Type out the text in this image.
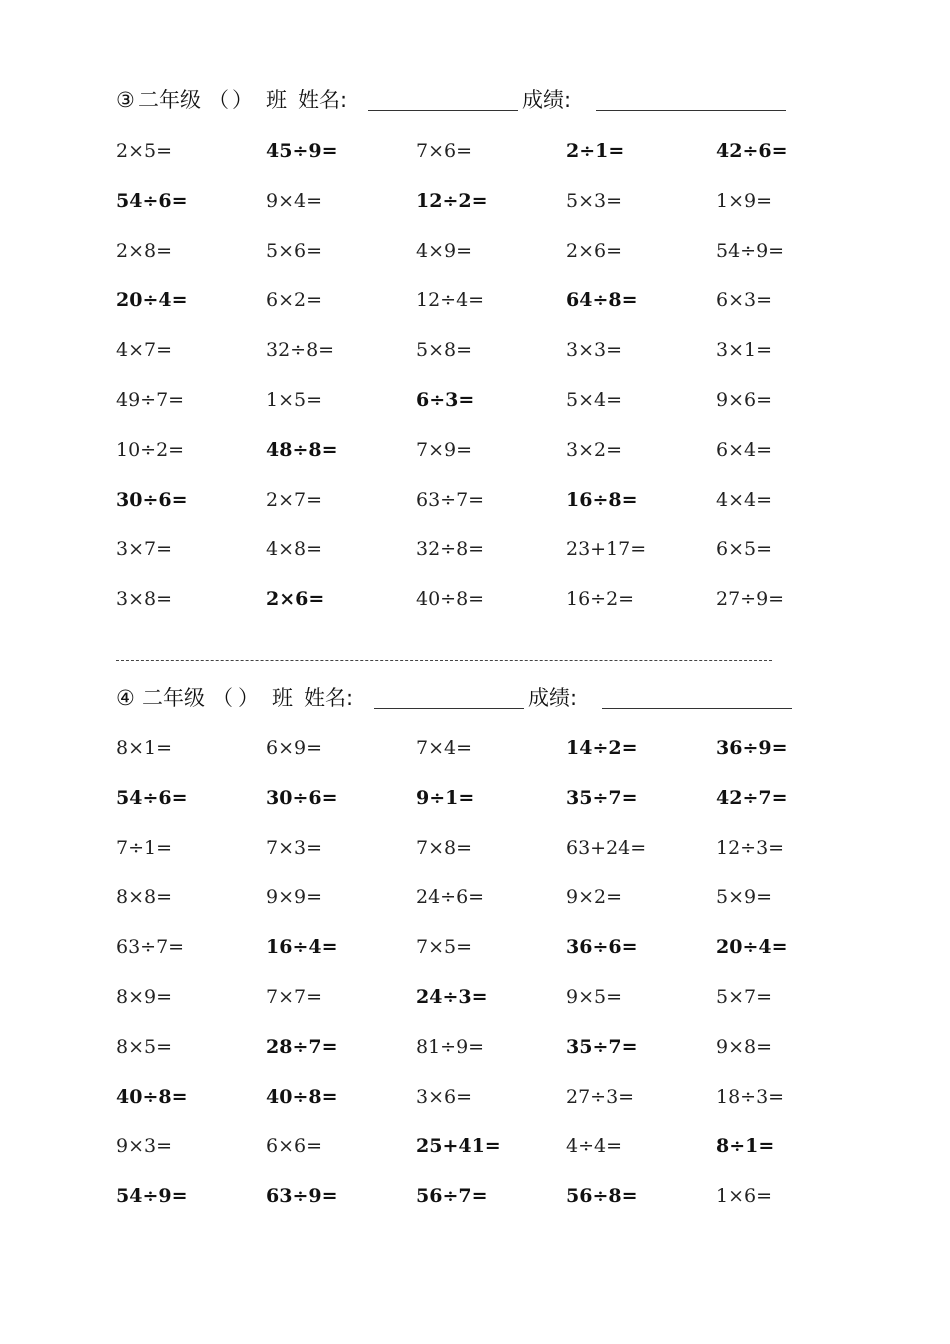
③ 二年级 （ ） 班 姓名:	成绩:
2×5=	45÷9=	7×6=	2÷1=	42÷6=
54÷6=	9×4=	12÷2=	5×3=	1×9=
2×8=	5×6=	4×9=	2×6=	54÷9=
20÷4=	6×2=	12÷4=	64÷8=	6×3=
4×7=	32÷8=	5×8=	3×3=	3×1=
49÷7=	1×5=	6÷3=	5×4=	9×6=
10÷2=	48÷8=	7×9=	3×2=	6×4=
30÷6=	2×7=	63÷7=	16÷8=	4×4=
3×7=	4×8=	32÷8=	23+17=	6×5=
3×8=	2×6=	40÷8=	16÷2=	27÷9=
④ 二年级 （ ） 班 姓名:	成绩:
8×1=	6×9=	7×4=	14÷2=	36÷9=
54÷6=	30÷6=	9÷1=	35÷7=	42÷7=
7÷1=	7×3=	7×8=	63+24=	12÷3=
8×8=	9×9=	24÷6=	9×2=	5×9=
63÷7=	16÷4=	7×5=	36÷6=	20÷4=
8×9=	7×7=	24÷3=	9×5=	5×7=
8×5=	28÷7=	81÷9=	35÷7=	9×8=
40÷8=	40÷8=	3×6=	27÷3=	18÷3=
9×3=	6×6=	25+41=	4÷4=	8÷1=
54÷9=	63÷9=	56÷7=	56÷8=	1×6=
